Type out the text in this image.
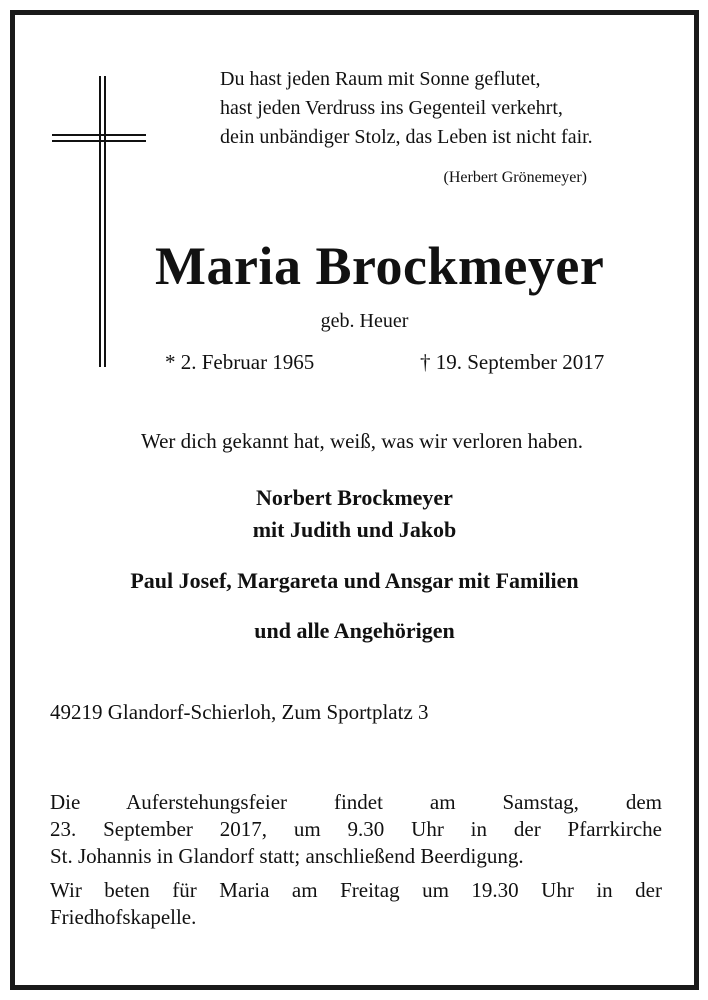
Du hast jeden Raum mit Sonne geflutet,
hast jeden Verdruss ins Gegenteil verkehrt,
dein unbändiger Stolz, das Leben ist nicht fair.
(Herbert Grönemeyer)
Maria Brockmeyer
geb. Heuer
* 2. Februar 1965	† 19. September 2017
Wer dich gekannt hat, weiß, was wir verloren haben.
Norbert Brockmeyer
mit Judith und Jakob
Paul Josef, Margareta und Ansgar mit Familien
und alle Angehörigen
49219 Glandorf-Schierloh, Zum Sportplatz 3
Die Auferstehungsfeier findet am Samstag, dem
23. September 2017, um 9.30 Uhr in der Pfarrkirche
St. Johannis in Glandorf statt; anschließend Beerdigung.
Wir beten für Maria am Freitag um 19.30 Uhr in der
Friedhofskapelle.
